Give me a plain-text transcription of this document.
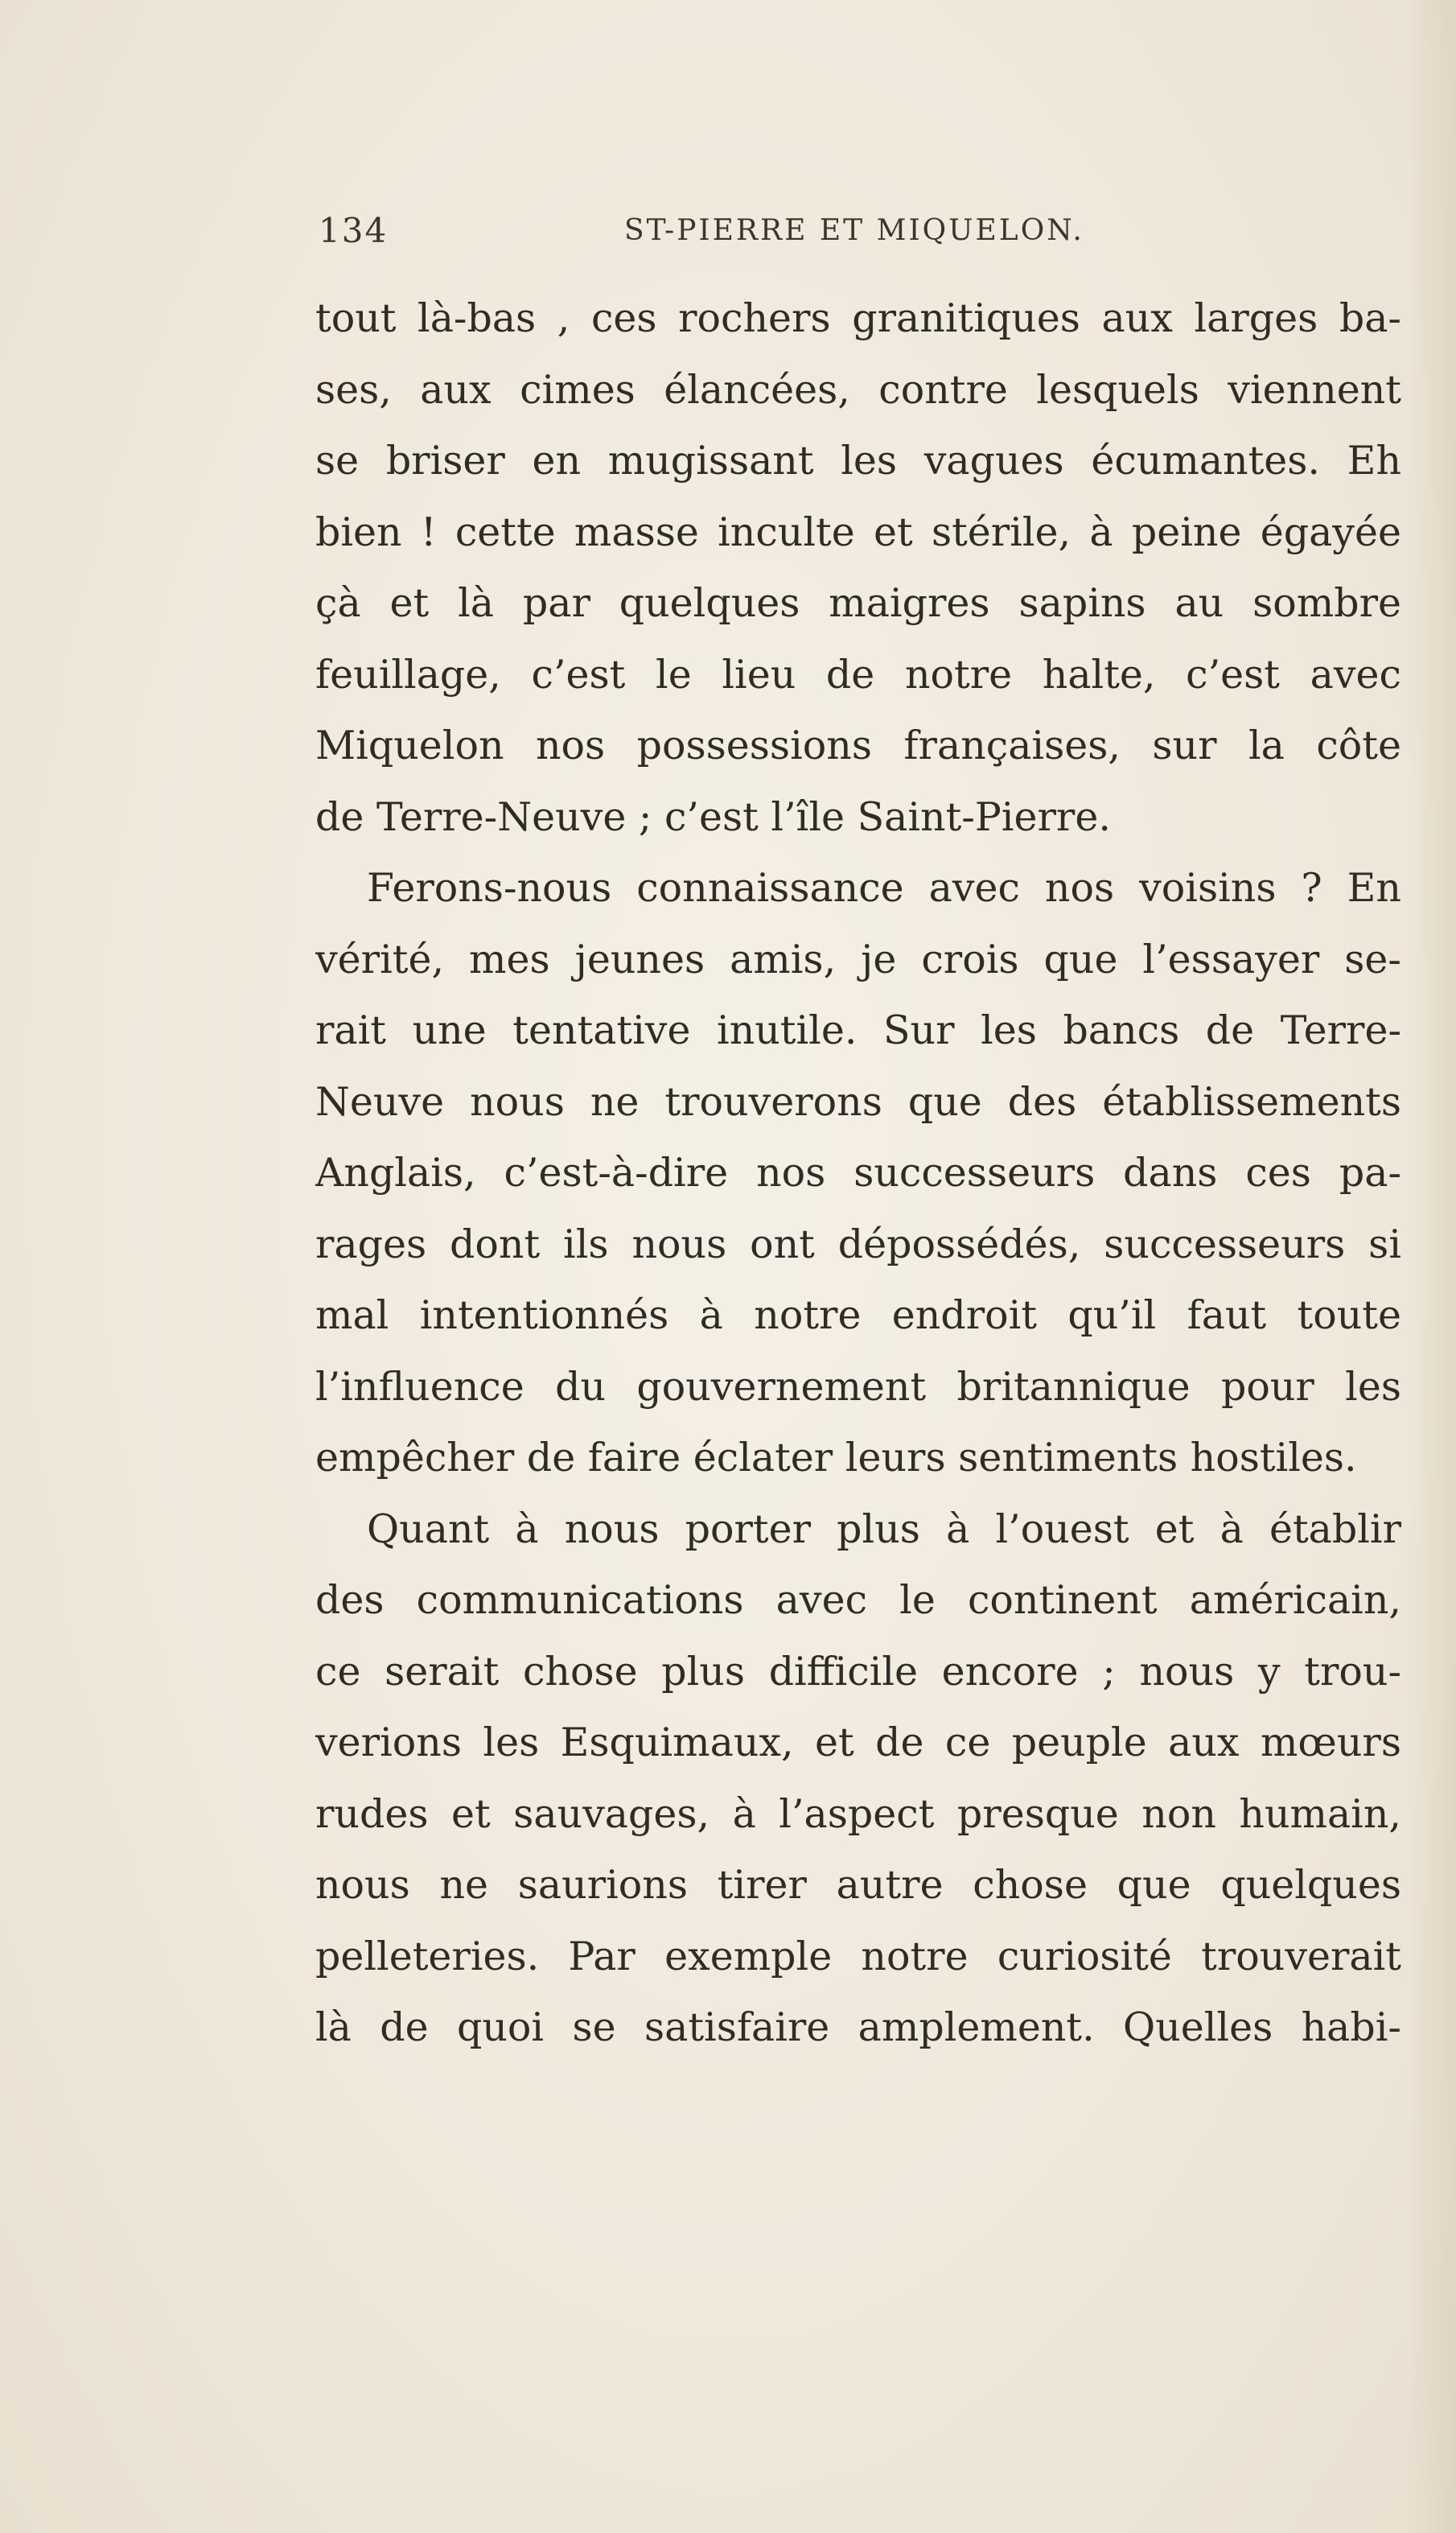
134	ST-PIERRE ET MIQUELON.
tout là-bas , ces rochers granitiques aux larges ba-
ses, aux cimes élancées, contre lesquels viennent
se briser en mugissant les vagues écumantes. Eh
bien ! cette masse inculte et stérile, à peine égayée
çà et là par quelques maigres sapins au sombre
feuillage, c’est le lieu de notre halte, c’est avec
Miquelon nos possessions françaises, sur la côte
de Terre-Neuve ; c’est l’île Saint-Pierre.
Ferons-nous connaissance avec nos voisins ? En
vérité, mes jeunes amis, je crois que l’essayer se-
rait une tentative inutile. Sur les bancs de Terre-
Neuve nous ne trouverons que des établissements
Anglais, c’est-à-dire nos successeurs dans ces pa-
rages dont ils nous ont dépossédés, successeurs si
mal intentionnés à notre endroit qu’il faut toute
l’influence du gouvernement britannique pour les
empêcher de faire éclater leurs sentiments hostiles.
Quant à nous porter plus à l’ouest et à établir
des communications avec le continent américain,
ce serait chose plus difficile encore ; nous y trou-
verions les Esquimaux, et de ce peuple aux mœurs
rudes et sauvages, à l’aspect presque non humain,
nous ne saurions tirer autre chose que quelques
pelleteries. Par exemple notre curiosité trouverait
là de quoi se satisfaire amplement. Quelles habi-
